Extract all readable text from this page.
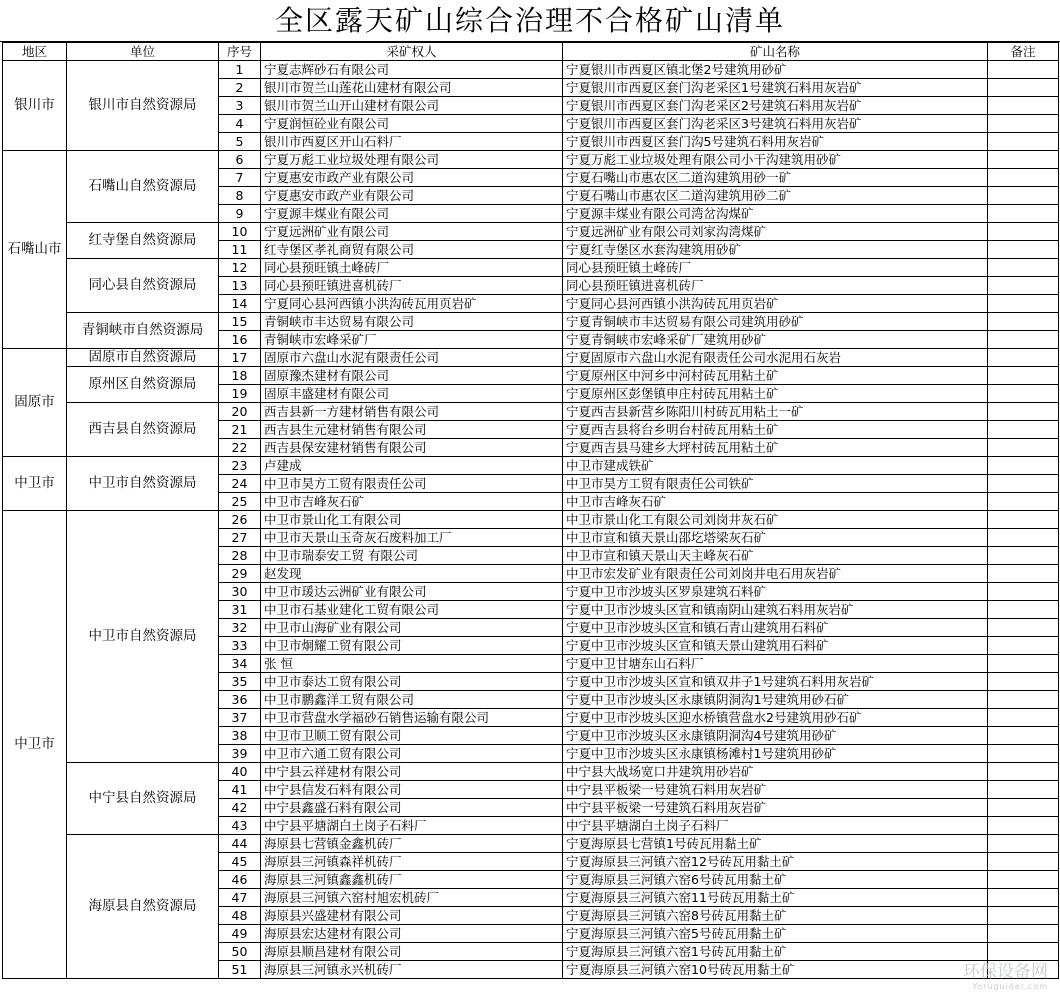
全区露天矿山综合治理不合格矿山清单
地区	单位	序号	采矿权人	矿山名称	备注
银川市	银川市自然资源局	1	宁夏志辉砂石有限公司	宁夏银川市西夏区镇北堡2号建筑用砂矿	
		2	银川市贺兰山莲花山建材有限公司	宁夏银川市西夏区套门沟老采区1号建筑石料用灰岩矿	
		3	银川市贺兰山开山建材有限公司	宁夏银川市西夏区套门沟老采区2号建筑石料用灰岩矿	
		4	宁夏润恒砼业有限公司	宁夏银川市西夏区套门沟老采区3号建筑石料用灰岩矿	
		5	银川市西夏区开山石料厂	宁夏银川市西夏区套门沟5号建筑石料用灰岩矿	
石嘴山市	石嘴山自然资源局	6	宁夏万彪工业垃圾处理有限公司	宁夏万彪工业垃圾处理有限公司小干沟建筑用砂矿	
		7	宁夏惠安市政产业有限公司	宁夏石嘴山市惠农区二道沟建筑用砂一矿	
		8	宁夏惠安市政产业有限公司	宁夏石嘴山市惠农区二道沟建筑用砂二矿	
		9	宁夏源丰煤业有限公司	宁夏源丰煤业有限公司湾岔沟煤矿	
	红寺堡自然资源局	10	宁夏远洲矿业有限公司	宁夏远洲矿业有限公司刘家沟湾煤矿	
		11	红寺堡区孝礼商贸有限公司	宁夏红寺堡区水套沟建筑用砂矿	
	同心县自然资源局	12	同心县预旺镇土峰砖厂	同心县预旺镇土峰砖厂	
		13	同心县预旺镇进喜机砖厂	同心县预旺镇进喜机砖厂	
		14	宁夏同心县河西镇小洪沟砖瓦用页岩矿	宁夏同心县河西镇小洪沟砖瓦用页岩矿	
	青铜峡市自然资源局	15	青铜峡市丰达贸易有限公司	宁夏青铜峡市丰达贸易有限公司建筑用砂矿	
		16	青铜峡市宏峰采矿厂	宁夏青铜峡市宏峰采矿厂建筑用砂矿	
固原市	固原市自然资源局	17	固原市六盘山水泥有限责任公司	宁夏固原市六盘山水泥有限责任公司水泥用石灰岩	
	原州区自然资源局	18	固原豫杰建材有限公司	宁夏原州区中河乡中河村砖瓦用粘土矿	
		19	固原丰盛建材有限公司	宁夏原州区彭堡镇申庄村砖瓦用粘土矿	
	西吉县自然资源局	20	西吉县新一方建材销售有限公司	宁夏西吉县新营乡陈阳川村砖瓦用粘土一矿	
		21	西吉县生元建材销售有限公司	宁夏西吉县将台乡明台村砖瓦用粘土矿	
		22	西吉县保安建材销售有限公司	宁夏西吉县马建乡大坪村砖瓦用粘土矿	
中卫市	中卫市自然资源局	23	卢建成	中卫市建成铁矿	
		24	中卫市昊方工贸有限责任公司	中卫市昊方工贸有限责任公司铁矿	
		25	中卫市吉峰灰石矿	中卫市吉峰灰石矿	
中卫市	中卫市自然资源局	26	中卫市景山化工有限公司	中卫市景山化工有限公司刘岗井灰石矿	
		27	中卫市天景山玉奇灰石废料加工厂	中卫市宣和镇天景山邵圪塔梁灰石矿	
		28	中卫市瑞泰安工贸 有限公司	中卫市宣和镇天景山天主峰灰石矿	
		29	赵发现	中卫市宏发矿业有限责任公司刘岗井电石用灰岩矿	
		30	中卫市瑗达云洲矿业有限公司	宁夏中卫市沙坡头区罗泉建筑石料矿	
		31	中卫市石基业建化工贸有限公司	宁夏中卫市沙坡头区宣和镇南阴山建筑石料用灰岩矿	
		32	中卫市山海矿业有限公司	宁夏中卫市沙坡头区宣和镇石青山建筑用石料矿	
		33	中卫市炯耀工贸有限公司	宁夏中卫市沙坡头区宣和镇天景山建筑用石料矿	
		34	张 恒	宁夏中卫甘塘东山石料厂	
		35	中卫市泰达工贸有限公司	宁夏中卫市沙坡头区宣和镇双井子1号建筑石料用灰岩矿	
		36	中卫市鹏鑫洋工贸有限公司	宁夏中卫市沙坡头区永康镇阴洞沟1号建筑用砂石矿	
		37	中卫市营盘水学福砂石销售运输有限公司	宁夏中卫市沙坡头区迎水桥镇营盘水2号建筑用砂石矿	
		38	中卫市卫顺工贸有限公司	宁夏中卫市沙坡头区永康镇阴洞沟4号建筑用砂矿	
		39	中卫市六通工贸有限公司	宁夏中卫市沙坡头区永康镇杨滩村1号建筑用砂矿	
	中宁县自然资源局	40	中宁县云祥建材有限公司	中宁县大战场宽口井建筑用砂岩矿	
		41	中宁县信发石料有限公司	中宁县平板梁一号建筑石料用灰岩矿	
		42	中宁县鑫盛石料有限公司	中宁县平板梁一号建筑石料用灰岩矿	
		43	中宁县平塘湖白土岗子石料厂	中宁县平塘湖白土岗子石料厂	
	海原县自然资源局	44	海原县七营镇金鑫机砖厂	宁夏海原县七营镇1号砖瓦用黏土矿	
		45	海原县三河镇森祥机砖厂	宁夏海原县三河镇六窑12号砖瓦用黏土矿	
		46	海原县三河镇鑫鑫机砖厂	宁夏海原县三河镇六窑6号砖瓦用黏土矿	
		47	海原县三河镇六窑村旭宏机砖厂	宁夏海原县三河镇六窑11号砖瓦用黏土矿	
		48	海原县兴盛建材有限公司	宁夏海原县三河镇六窑8号砖瓦用黏土矿	
		49	海原县宏达建材有限公司	宁夏海原县三河镇六窑5号砖瓦用黏土矿	
		50	海原县顺昌建材有限公司	宁夏海原县三河镇六窑1号砖瓦用黏土矿	
		51	海原县三河镇永兴机砖厂	宁夏海原县三河镇六窑10号砖瓦用黏土矿		环保设备网
Yoruguider.com
